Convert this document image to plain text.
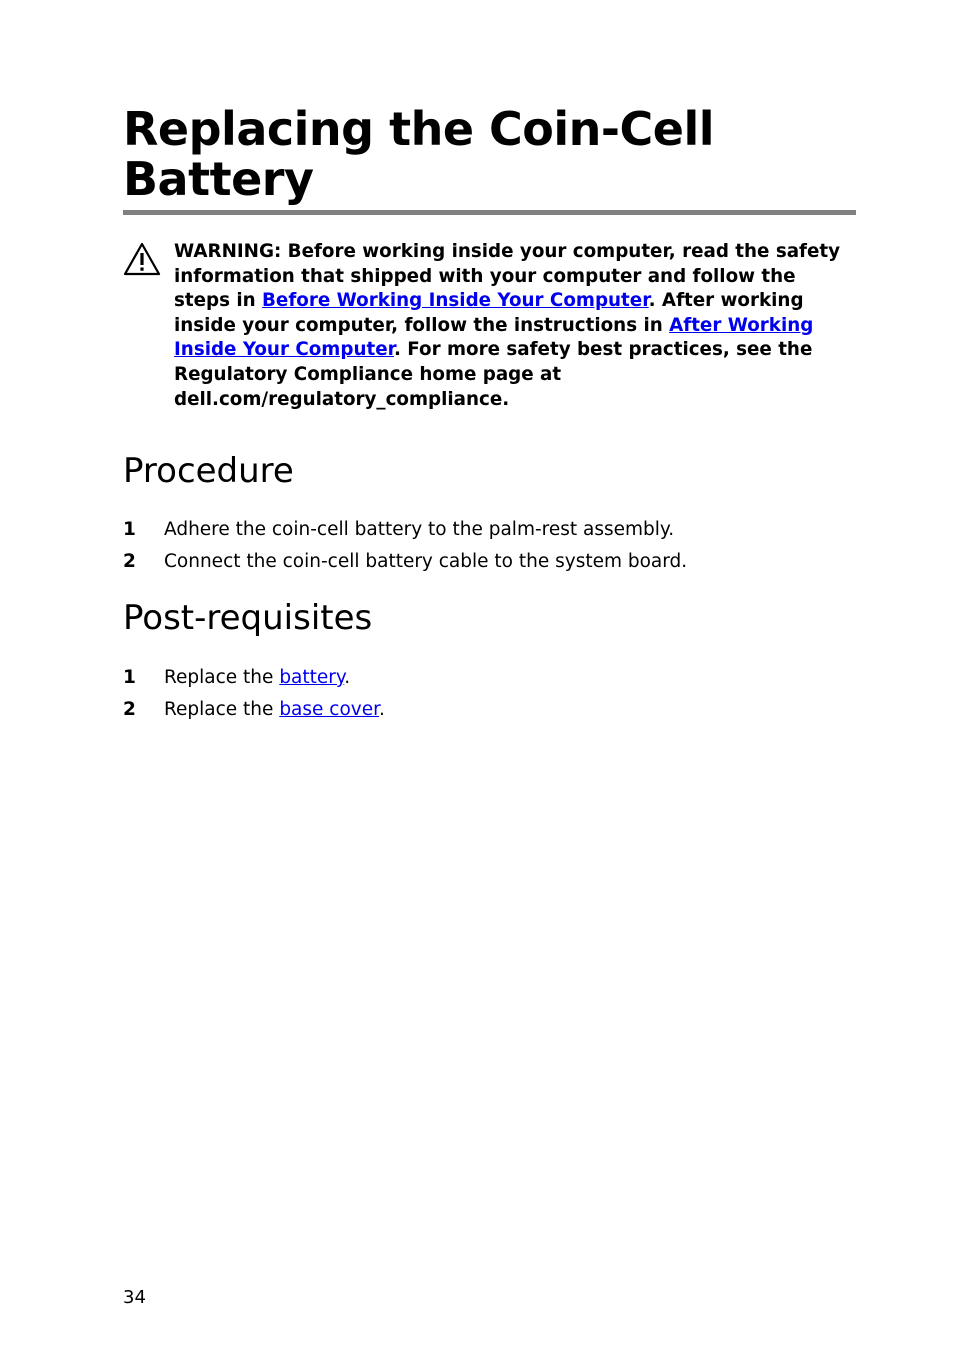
Replacing the Coin-Cell Battery
WARNING: Before working inside your computer, read the safety information that shipped with your computer and follow the steps in Before Working Inside Your Computer. After working inside your computer, follow the instructions in After Working Inside Your Computer. For more safety best practices, see the Regulatory Compliance home page at dell.com/regulatory_compliance.
Procedure
1 Adhere the coin-cell battery to the palm-rest assembly.
2 Connect the coin-cell battery cable to the system board.
Post-requisites
1 Replace the battery.
2 Replace the base cover.
34
